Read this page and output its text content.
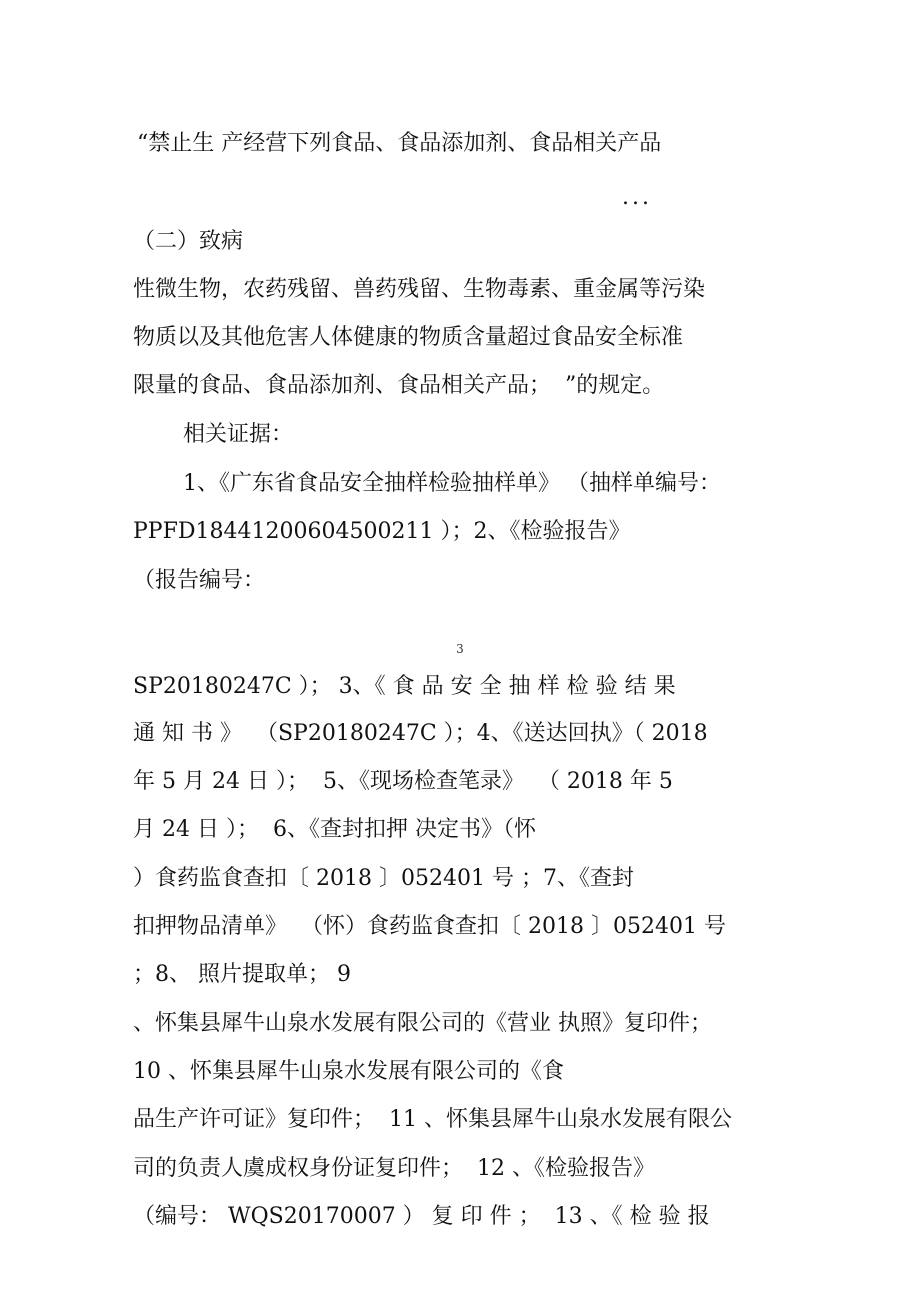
“禁止生 产经营下列食品、食品添加剂、食品相关产品
...
（二）致病
性微生物，农药残留、兽药残留、生物毒素、重金属等污染
物质以及其他危害人体健康的物质含量超过食品安全标准
限量的食品、食品添加剂、食品相关产品；  ”的规定。
相关证据：
1、《广东省食品安全抽样检验抽样单》 （抽样单编号：
PPFD18441200604500211 ）；2、《检验报告》
（报告编号：
3
SP20180247C ）； 3、《 食 品 安 全 抽 样 检 验 结 果
通 知 书 》  （SP20180247C ）；4、《送达回执》（ 2018
年 5 月 24 日 ）；  5、《现场检查笔录》  （ 2018 年 5
月 24 日 ）；  6、《查封扣押 决定书》（怀
）食药监食查扣〔 2018 〕052401 号 ；7、《查封
扣押物品清单》  （怀）食药监食查扣〔 2018 〕052401 号
；8、 照片提取单； 9
、怀集县犀牛山泉水发展有限公司的《营业 执照》复印件；
10 、怀集县犀牛山泉水发展有限公司的《食
品生产许可证》复印件；  11 、怀集县犀牛山泉水发展有限公
司的负责人虞成权身份证复印件；  12 、《检验报告》
（编号： WQS20170007 ） 复 印 件 ；  13 、《 检 验 报
